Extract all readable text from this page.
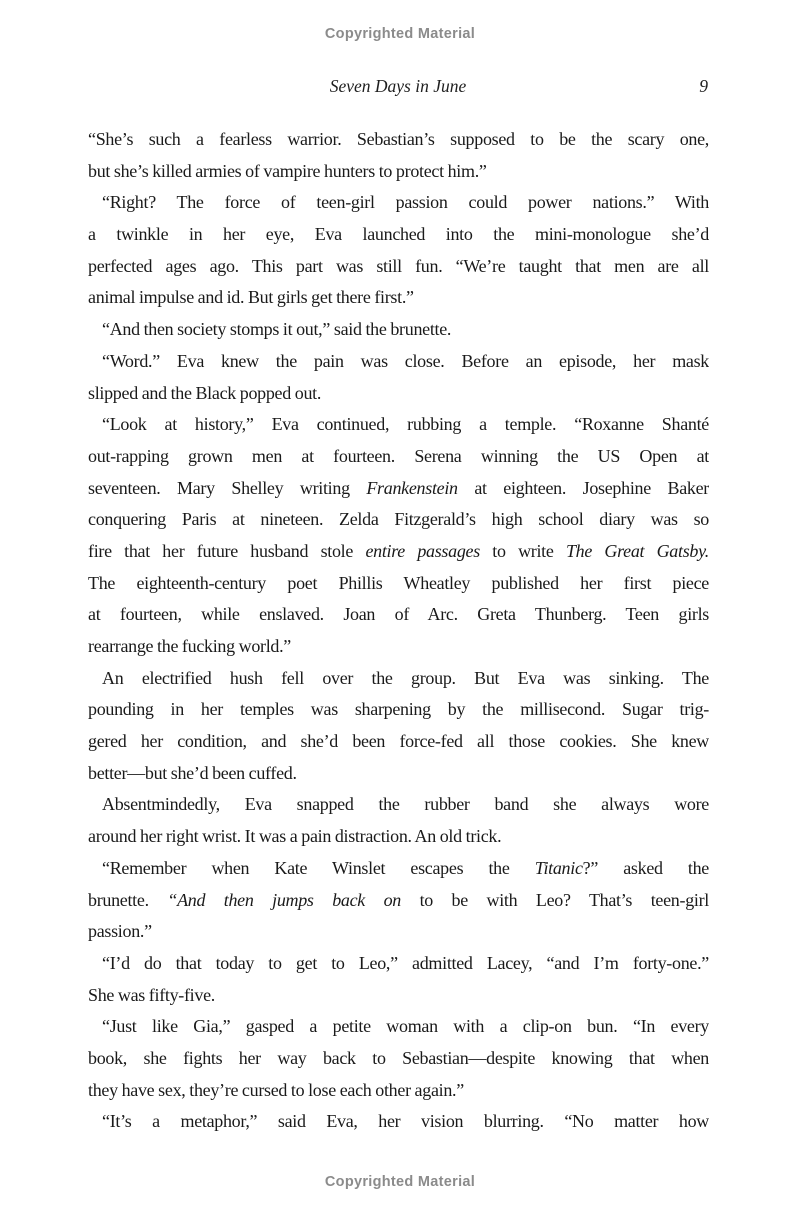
Copyrighted Material
Seven Days in June	9
“She’s such a fearless warrior. Sebastian’s supposed to be the scary one,
but she’s killed armies of vampire hunters to protect him.”
“Right? The force of teen-girl passion could power nations.” With
a twinkle in her eye, Eva launched into the mini-monologue she’d
perfected ages ago. This part was still fun. “We’re taught that men are all
animal impulse and id. But girls get there first.”
“And then society stomps it out,” said the brunette.
“Word.” Eva knew the pain was close. Before an episode, her mask
slipped and the Black popped out.
“Look at history,” Eva continued, rubbing a temple. “Roxanne Shanté
out-rapping grown men at fourteen. Serena winning the US Open at
seventeen. Mary Shelley writing Frankenstein at eighteen. Josephine Baker
conquering Paris at nineteen. Zelda Fitzgerald’s high school diary was so
fire that her future husband stole entire passages to write The Great Gatsby.
The eighteenth-century poet Phillis Wheatley published her first piece
at fourteen, while enslaved. Joan of Arc. Greta Thunberg. Teen girls
rearrange the fucking world.”
An electrified hush fell over the group. But Eva was sinking. The
pounding in her temples was sharpening by the millisecond. Sugar trig-
gered her condition, and she’d been force-fed all those cookies. She knew
better—but she’d been cuffed.
Absentmindedly, Eva snapped the rubber band she always wore
around her right wrist. It was a pain distraction. An old trick.
“Remember when Kate Winslet escapes the Titanic?” asked the
brunette. “And then jumps back on to be with Leo? That’s teen-girl
passion.”
“I’d do that today to get to Leo,” admitted Lacey, “and I’m forty-one.”
She was fifty-five.
“Just like Gia,” gasped a petite woman with a clip-on bun. “In every
book, she fights her way back to Sebastian—despite knowing that when
they have sex, they’re cursed to lose each other again.”
“It’s a metaphor,” said Eva, her vision blurring. “No matter how
Copyrighted Material
